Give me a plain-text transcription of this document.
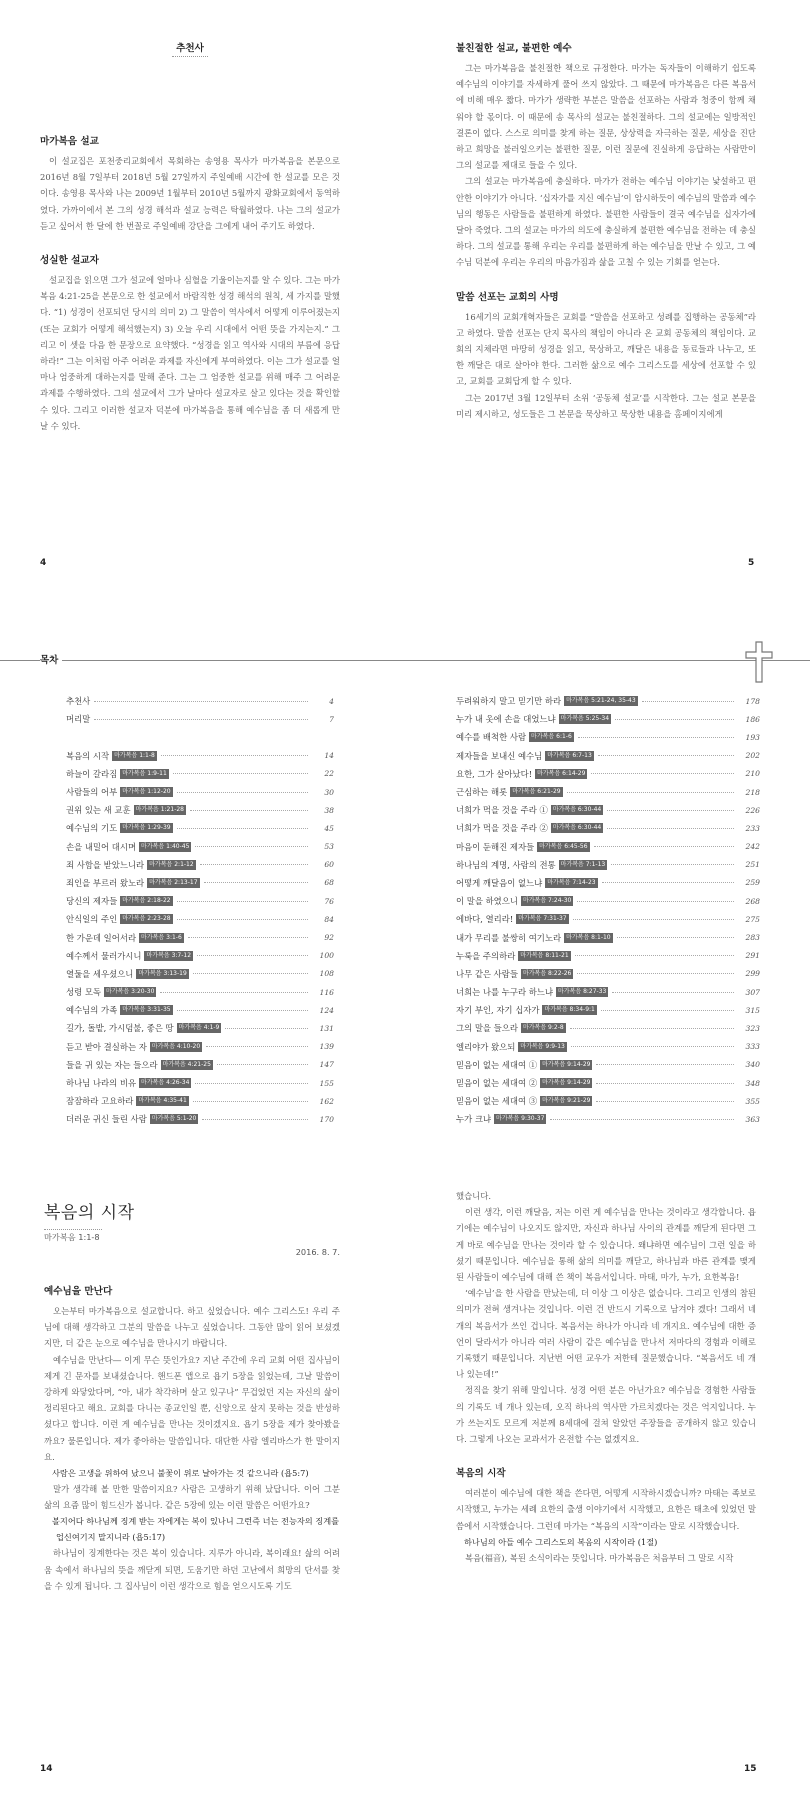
추천사
마가복음 설교

이 설교집은 포천중리교회에서 목회하는 송영용 목사가 마가복음을 본문으로 2016년 8월 7일부터 2018년 5월 27일까지 주일예배 시간에 한 설교를 모은 것이다. 송영용 목사와 나는 2009년 1월부터 2010년 5월까지 광화교회에서 동역하였다. 가까이에서 본 그의 성경 해석과 설교 능력은 탁월하였다. 나는 그의 설교가 듣고 싶어서 한 달에 한 번꼴로 주일예배 강단을 그에게 내어 주기도 하였다.

성실한 설교자

설교집을 읽으면 그가 설교에 얼마나 심혈을 기울이는지를 알 수 있다. 그는 마가복음 4:21-25을 본문으로 한 설교에서 바람직한 성경 해석의 원칙, 세 가지를 말했다. “1) 성경이 선포되던 당시의 의미 2) 그 말씀이 역사에서 어떻게 이루어졌는지(또는 교회가 어떻게 해석했는지) 3) 오늘 우리 시대에서 어떤 뜻을 가지는지.” 그리고 이 셋을 다음 한 문장으로 요약했다. “성경을 읽고 역사와 시대의 부름에 응답하라!” 그는 이처럼 아주 어려운 과제를 자신에게 부여하였다. 이는 그가 설교를 얼마나 엄중하게 대하는지를 말해 준다. 그는 그 엄중한 설교를 위해 매주 그 어려운 과제를 수행하였다. 그의 설교에서 그가 날마다 설교자로 살고 있다는 것을 확인할 수 있다. 그리고 이러한 설교자 덕분에 마가복음을 통해 예수님을 좀 더 새롭게 만날 수 있다.

4
불친절한 설교, 불편한 예수

그는 마가복음을 불친절한 책으로 규정한다. 마가는 독자들이 이해하기 쉽도록 예수님의 이야기를 자세하게 풀어 쓰지 않았다. 그 때문에 마가복음은 다른 복음서에 비해 매우 짧다. 마가가 생략한 부분은 말씀을 선포하는 사람과 청중이 함께 채워야 할 몫이다. 이 때문에 송 목사의 설교는 불친절하다. 그의 설교에는 일방적인 결론이 없다. 스스로 의미를 찾게 하는 질문, 상상력을 자극하는 질문, 세상을 진단하고 희망을 불러일으키는 불편한 질문, 이런 질문에 진실하게 응답하는 사람만이 그의 설교를 제대로 들을 수 있다.

그의 설교는 마가복음에 충실하다. 마가가 전하는 예수님 이야기는 낯설하고 편안한 이야기가 아니다. ‘십자가를 지신 예수님’이 암시하듯이 예수님의 말씀과 예수님의 행동은 사람들을 불편하게 하였다. 불편한 사람들이 결국 예수님을 십자가에 달아 죽였다. 그의 설교는 마가의 의도에 충실하게 불편한 예수님을 전하는 데 충실하다. 그의 설교를 통해 우리는 우리를 불편하게 하는 예수님을 만날 수 있고, 그 예수님 덕분에 우리는 우리의 마음가짐과 삶을 고칠 수 있는 기회를 얻는다.

말씀 선포는 교회의 사명

16세기의 교회개혁자들은 교회를 “말씀을 선포하고 성례를 집행하는 공동체”라고 하였다. 말씀 선포는 단지 목사의 책임이 아니라 온 교회 공동체의 책임이다. 교회의 지체라면 마땅히 성경을 읽고, 묵상하고, 깨달은 내용을 동료들과 나누고, 또한 깨달은 대로 살아야 한다. 그러한 삶으로 예수 그리스도를 세상에 선포할 수 있고, 교회를 교회답게 할 수 있다.

그는 2017년 3월 12일부터 소위 ‘공동체 설교’를 시작한다. 그는 설교 본문을 미리 제시하고, 성도들은 그 본문을 묵상하고 묵상한 내용을 홈페이지에게

5
목차
추천사	4
머리말	7
복음의 시작 마가복음 1:1-8	14
하늘이 갈라짐 마가복음 1:9-11	22
사람들의 어부 마가복음 1:12-20	30
권위 있는 새 교훈 마가복음 1:21-28	38
예수님의 기도 마가복음 1:29-39	45
손을 내밀어 대시며 마가복음 1:40-45	53
죄 사함을 받았느니라 마가복음 2:1-12	60
죄인을 부르러 왔노라 마가복음 2:13-17	68
당신의 제자들 마가복음 2:18-22	76
안식일의 주인 마가복음 2:23-28	84
한 가운데 일어서라 마가복음 3:1-6	92
예수께서 물러가시니 마가복음 3:7-12	100
열둘을 세우셨으니 마가복음 3:13-19	108
성령 모독 마가복음 3:20-30	116
예수님의 가족 마가복음 3:31-35	124
길가, 돌밭, 가시덤불, 좋은 땅 마가복음 4:1-9	131
듣고 받아 결실하는 자 마가복음 4:10-20	139
들을 귀 있는 자는 들으라 마가복음 4:21-25	147
하나님 나라의 비유 마가복음 4:26-34	155
잠잠하라 고요하라 마가복음 4:35-41	162
더러운 귀신 들린 사람 마가복음 5:1-20	170
두려워하지 말고 믿기만 하라 마가복음 5:21-24, 35-43	178
누가 내 옷에 손을 대었느냐 마가복음 5:25-34	186
예수를 배척한 사람 마가복음 6:1-6	193
제자들을 보내신 예수님 마가복음 6:7-13	202
요한, 그가 살아났다! 마가복음 6:14-29	210
근심하는 해롯 마가복음 6:21-29	218
너희가 먹을 것을 주라 ① 마가복음 6:30-44	226
너희가 먹을 것을 주라 ② 마가복음 6:30-44	233
마음이 둔해진 제자들 마가복음 6:45-56	242
하나님의 계명, 사람의 전통 마가복음 7:1-13	251
어떻게 깨달음이 없느냐 마가복음 7:14-23	259
이 말을 하였으니 마가복음 7:24-30	268
에바다, 열리라! 마가복음 7:31-37	275
내가 무리를 불쌍히 여기노라 마가복음 8:1-10	283
누룩을 주의하라 마가복음 8:11-21	291
나무 같은 사람들 마가복음 8:22-26	299
너희는 나를 누구라 하느냐 마가복음 8:27-33	307
자기 부인, 자기 십자가 마가복음 8:34-9:1	315
그의 말을 들으라 마가복음 9:2-8	323
엘리야가 왔으되 마가복음 9:9-13	333
믿음이 없는 세대여 ① 마가복음 9:14-29	340
믿음이 없는 세대여 ② 마가복음 9:14-29	348
믿음이 없는 세대여 ③ 마가복음 9:21-29	355
누가 크냐 마가복음 9:30-37	363
복음의 시작
마가복음 1:1-8
2016. 8. 7.
예수님을 만난다

오는부터 마가복음으로 설교합니다. 하고 싶었습니다. 예수 그리스도! 우리 주님에 대해 생각하고 그분의 말씀을 나누고 싶었습니다. 그동안 많이 읽어 보셨겠지만, 더 같은 눈으로 예수님을 만나시기 바랍니다.

예수님을 만난다― 이게 무슨 뜻인가요? 지난 주간에 우리 교회 어떤 집사님이 제게 긴 문자를 보내셨습니다. 핸드폰 앱으로 욥기 5장을 읽었는데, 그날 말씀이 강하게 와닿았다며, “아, 내가 착각하며 살고 있구나” 무겁었던 지는 자신의 삶이 정리된다고 해요. 교회를 다니는 종교인일 뿐, 신앙으로 살지 못하는 것을 반성하셨다고 합니다. 이런 게 예수님을 만나는 것이겠지요. 욥기 5장을 제가 찾아봤을까요? 물론입니다. 제가 좋아하는 말씀입니다. 대단한 사람 엘리바스가 한 말이지요.

사람은 고생을 위하여 났으니 불꽃이 위로 날아가는 것 같으니라 (욥5:7)

말가 생각해 볼 만한 말씀이지요? 사람은 고생하기 위해 났답니다. 이어 그분 삶의 요즘 많이 힘드신가 봅니다. 같은 5장에 있는 이런 말씀은 어떤가요?

볼지어다 하나님께 징계 받는 자에게는 복이 있나니 그런즉 너는 전능자의 징계를 업신여기지 말지니라 (욥5:17)

하나님이 징계한다는 것은 복이 있습니다. 지루가 아니라, 복이래요! 삶의 어려움 속에서 하나님의 뜻을 깨닫게 되면, 도움기만 하던 고난에서 희망의 단서를 찾을 수 있게 됩니다. 그 집사님이 이런 생각으로 힘을 얻으시도록 기도

14

했습니다.

이런 생각, 이런 깨달음, 저는 이런 게 예수님을 만나는 것이라고 생각합니다. 욥기에는 예수님이 나오지도 않지만, 자신과 하나님 사이의 관계를 깨닫게 된다면 그게 바로 예수님을 만나는 것이라 할 수 있습니다. 왜냐하면 예수님이 그런 일을 하셨기 때문입니다. 예수님을 통해 삶의 의미를 깨닫고, 하나님과 바른 관계를 맺게 된 사람들이 예수님에 대해 쓴 책이 복음서입니다. 마태, 마가, 누가, 요한복음!

‘예수님’을 한 사람을 만났는데, 더 이상 그 이상은 없습니다. 그리고 인생의 참된 의미가 전혀 생겨나는 것입니다. 이런 건 반드시 기록으로 남겨야 겠다! 그래서 네 개의 복음서가 쓰인 겁니다. 복음서는 하나가 아니라 네 개지요. 예수님에 대한 증언이 달라서가 아니라 여러 사람이 같은 예수님을 만나서 저마다의 경험과 이해로 기록했기 때문입니다. 지난번 어떤 교우가 저한테 질문했습니다. “복음서도 네 개나 있는데!”

정직을 찾기 위해 말입니다. 성경 어떤 분은 아닌가요? 예수님을 경험한 사람들의 기록도 네 개나 있는데, 오직 하나의 역사만 가르치겠다는 것은 억지입니다. 누가 쓰는지도 모르게 저분께 8세대에 걸쳐 알았던 주장들을 공개하지 않고 있습니다. 그렇게 나오는 교과서가 온전할 수는 없겠지요.

복음의 시작

여러분이 예수님에 대한 책을 쓴다면, 어떻게 시작하시겠습니까? 마태는 족보로 시작했고, 누가는 세례 요한의 출생 이야기에서 시작했고, 요한은 태초에 있었던 말씀에서 시작했습니다. 그런데 마가는 “복음의 시작”이라는 말로 시작했습니다.

하나님의 아들 예수 그리스도의 복음의 시작이라 (1절)

복음(福音), 복된 소식이라는 뜻입니다. 마가복음은 처음부터 그 말로 시작

15
